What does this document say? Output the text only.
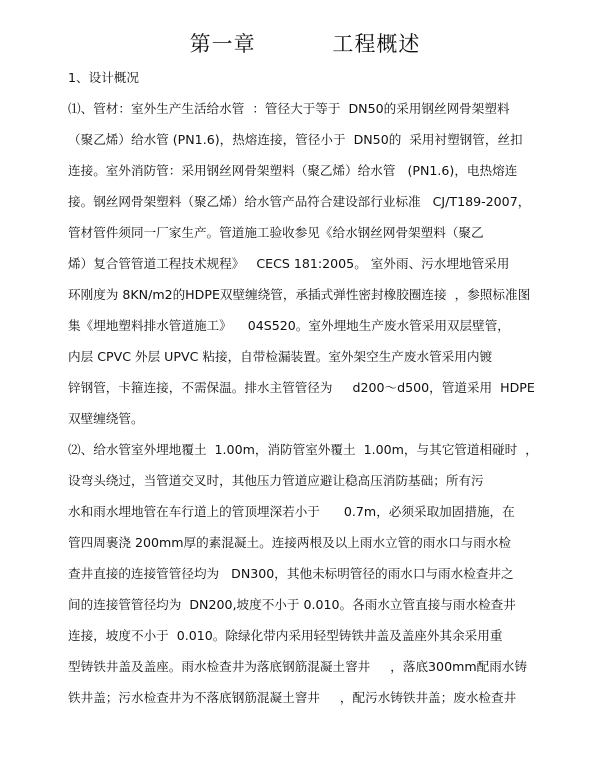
第一章          工程概述
1、设计概况
⑴、管材：室外生产生活给水管  ：管径大于等于  DN50的采用钢丝网骨架塑料
（聚乙烯）给水管 (PN1.6)，热熔连接，管径小于  DN50的  采用衬塑钢管，丝扣
连接。室外消防管：采用钢丝网骨架塑料（聚乙烯）给水管   (PN1.6)，电热熔连
接。钢丝网骨架塑料（聚乙烯）给水管产品符合建设部行业标准   CJ/T189-2007，
管材管件须同一厂家生产。管道施工验收参见《给水钢丝网骨架塑料（聚乙
烯）复合管管道工程技术规程》   CECS 181:2005。 室外雨、污水埋地管采用
环刚度为 8KN/m2的HDPE双壁缠绕管，承插式弹性密封橡胶圈连接  ，参照标准图
集《埋地塑料排水管道施工》    04S520。室外埋地生产废水管采用双层壁管，
内层 CPVC 外层 UPVC 粘接，自带检漏装置。室外架空生产废水管采用内镀
锌钢管，卡箍连接，不需保温。排水主管管径为     d200～d500，管道采用  HDPE
双壁缠绕管。
⑵、给水管室外埋地覆土  1.00m，消防管室外覆土  1.00m，与其它管道相碰时  ，
设弯头绕过，当管道交叉时，其他压力管道应避让稳高压消防基础；所有污
水和雨水埋地管在车行道上的管顶埋深若小于      0.7m，必须采取加固措施，在
管四周裹浇 200mm厚的素混凝土。连接两根及以上雨水立管的雨水口与雨水检
查井直接的连接管管径均为   DN300，其他未标明管径的雨水口与雨水检查井之
间的连接管管径均为  DN200,坡度不小于 0.010。各雨水立管直接与雨水检查井
连接，坡度不小于  0.010。除绿化带内采用轻型铸铁井盖及盖座外其余采用重
型铸铁井盖及盖座。雨水检查井为落底钢筋混凝土窨井     ，落底300mm配雨水铸
铁井盖；污水检查井为不落底钢筋混凝土窨井     ，配污水铸铁井盖；废水检查井
